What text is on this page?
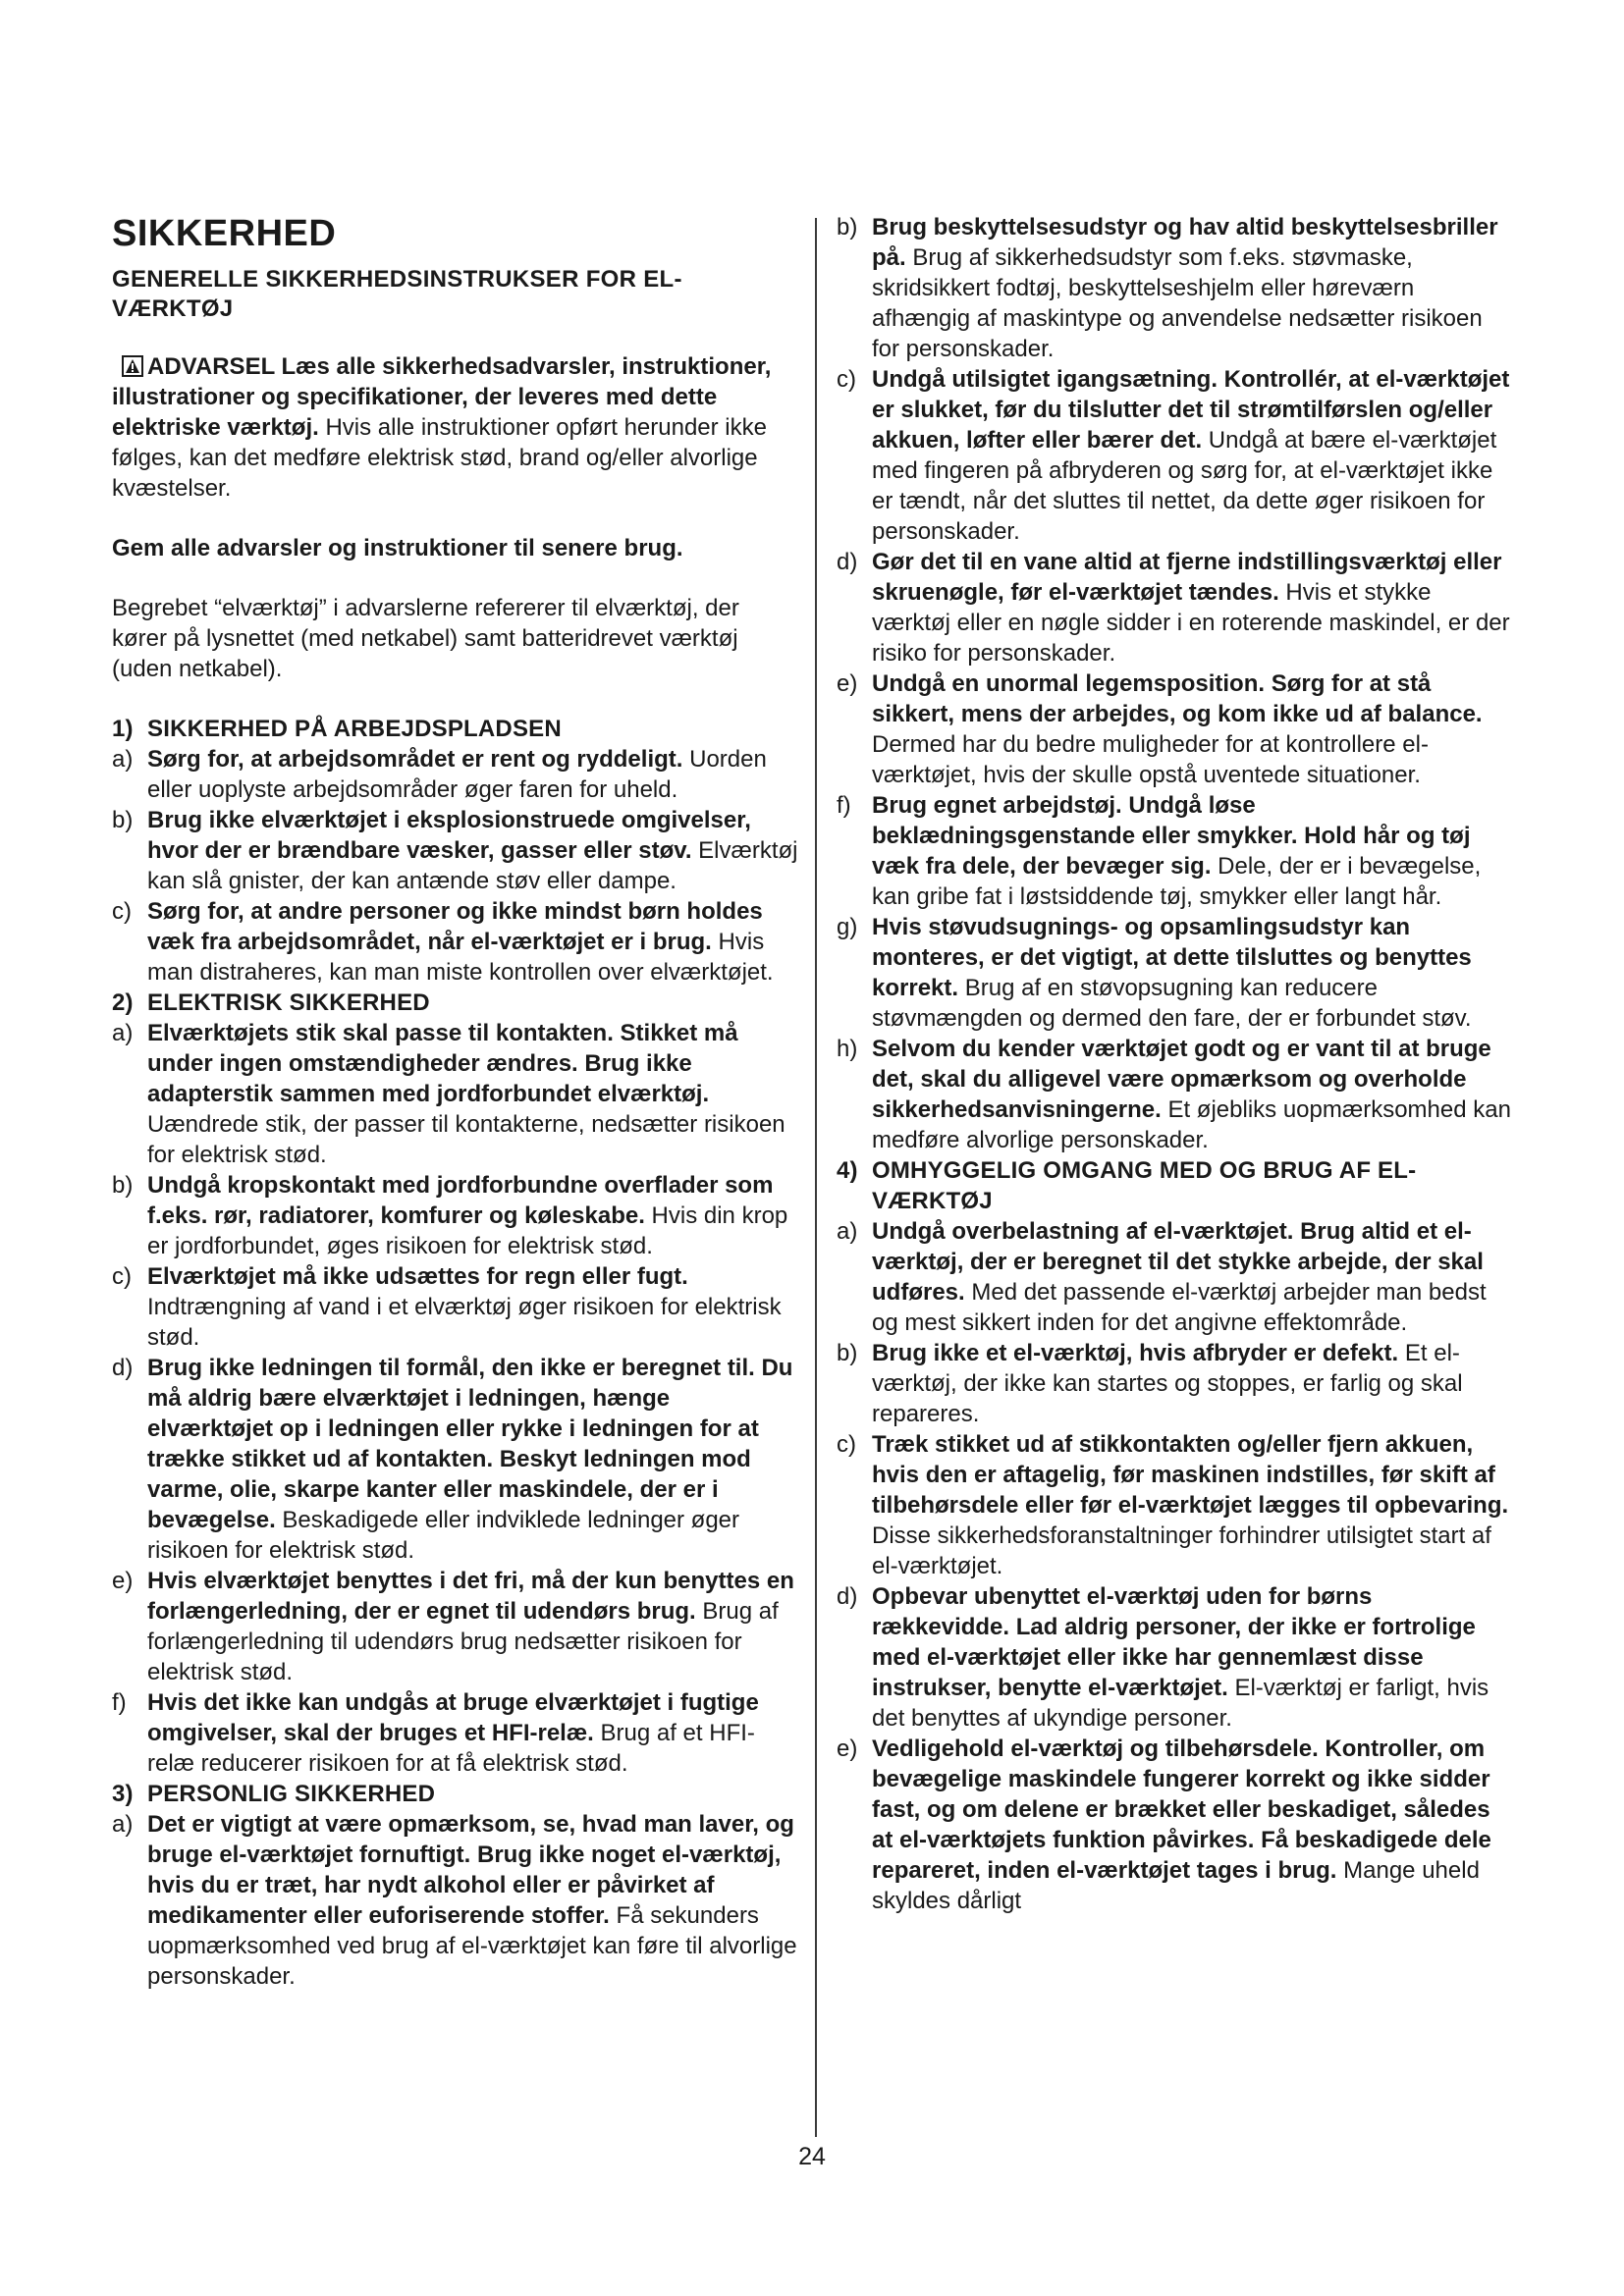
SIKKERHED
GENERELLE SIKKERHEDSINSTRUKSER FOR EL-VÆRKTØJ

ADVARSEL Læs alle sikkerhedsadvarsler, instruktioner, illustrationer og specifikationer, der leveres med dette elektriske værktøj. Hvis alle instruktioner opført herunder ikke følges, kan det medføre elektrisk stød, brand og/eller alvorlige kvæstelser.

Gem alle advarsler og instruktioner til senere brug.

Begrebet “elværktøj” i advarslerne refererer til elværktøj, der kører på lysnettet (med netkabel) samt batteridrevet værktøj (uden netkabel).

1) SIKKERHED PÅ ARBEJDSPLADSEN
a) Sørg for, at arbejdsområdet er rent og ryddeligt. Uorden eller uoplyste arbejdsområder øger faren for uheld.
b) Brug ikke elværktøjet i eksplosionstruede omgivelser, hvor der er brændbare væsker, gasser eller støv. Elværktøj kan slå gnister, der kan antænde støv eller dampe.
c) Sørg for, at andre personer og ikke mindst børn holdes væk fra arbejdsområdet, når el-værktøjet er i brug. Hvis man distraheres, kan man miste kontrollen over elværktøjet.
2) ELEKTRISK SIKKERHED
a) Elværktøjets stik skal passe til kontakten. Stikket må under ingen omstændigheder ændres. Brug ikke adapterstik sammen med jordforbundet elværktøj. Uændrede stik, der passer til kontakterne, nedsætter risikoen for elektrisk stød.
b) Undgå kropskontakt med jordforbundne overflader som f.eks. rør, radiatorer, komfurer og køleskabe. Hvis din krop er jordforbundet, øges risikoen for elektrisk stød.
c) Elværktøjet må ikke udsættes for regn eller fugt. Indtrængning af vand i et elværktøj øger risikoen for elektrisk stød.
d) Brug ikke ledningen til formål, den ikke er beregnet til. Du må aldrig bære elværktøjet i ledningen, hænge elværktøjet op i ledningen eller rykke i ledningen for at trække stikket ud af kontakten. Beskyt ledningen mod varme, olie, skarpe kanter eller maskindele, der er i bevægelse. Beskadigede eller indviklede ledninger øger risikoen for elektrisk stød.
e) Hvis elværktøjet benyttes i det fri, må der kun benyttes en forlængerledning, der er egnet til udendørs brug. Brug af forlængerledning til udendørs brug nedsætter risikoen for elektrisk stød.
f) Hvis det ikke kan undgås at bruge elværktøjet i fugtige omgivelser, skal der bruges et HFI-relæ. Brug af et HFI-relæ reducerer risikoen for at få elektrisk stød.
3) PERSONLIG SIKKERHED
a) Det er vigtigt at være opmærksom, se, hvad man laver, og bruge el-værktøjet fornuftigt. Brug ikke noget el-værktøj, hvis du er træt, har nydt alkohol eller er påvirket af medikamenter eller euforiserende stoffer. Få sekunders uopmærksomhed ved brug af el-værktøjet kan føre til alvorlige personskader.
b) Brug beskyttelsesudstyr og hav altid beskyttelsesbriller på. Brug af sikkerhedsudstyr som f.eks. støvmaske, skridsikkert fodtøj, beskyttelseshjelm eller høreværn afhængig af maskintype og anvendelse nedsætter risikoen for personskader.
c) Undgå utilsigtet igangsætning. Kontrollér, at el-værktøjet er slukket, før du tilslutter det til strømtilførslen og/eller akkuen, løfter eller bærer det. Undgå at bære el-værktøjet med fingeren på afbryderen og sørg for, at el-værktøjet ikke er tændt, når det sluttes til nettet, da dette øger risikoen for personskader.
d) Gør det til en vane altid at fjerne indstillingsværktøj eller skruenøgle, før el-værktøjet tændes. Hvis et stykke værktøj eller en nøgle sidder i en roterende maskindel, er der risiko for personskader.
e) Undgå en unormal legemsposition. Sørg for at stå sikkert, mens der arbejdes, og kom ikke ud af balance. Dermed har du bedre muligheder for at kontrollere el-værktøjet, hvis der skulle opstå uventede situationer.
f) Brug egnet arbejdstøj. Undgå løse beklædningsgenstande eller smykker. Hold hår og tøj væk fra dele, der bevæger sig. Dele, der er i bevægelse, kan gribe fat i løstsiddende tøj, smykker eller langt hår.
g) Hvis støvudsugnings- og opsamlingsudstyr kan monteres, er det vigtigt, at dette tilsluttes og benyttes korrekt. Brug af en støvopsugning kan reducere støvmængden og dermed den fare, der er forbundet støv.
h) Selvom du kender værktøjet godt og er vant til at bruge det, skal du alligevel være opmærksom og overholde sikkerhedsanvisningerne. Et øjebliks uopmærksomhed kan medføre alvorlige personskader.
4) OMHYGGELIG OMGANG MED OG BRUG AF EL-VÆRKTØJ
a) Undgå overbelastning af el-værktøjet. Brug altid et el-værktøj, der er beregnet til det stykke arbejde, der skal udføres. Med det passende el-værktøj arbejder man bedst og mest sikkert inden for det angivne effektområde.
b) Brug ikke et el-værktøj, hvis afbryder er defekt. Et el-værktøj, der ikke kan startes og stoppes, er farlig og skal repareres.
c) Træk stikket ud af stikkontakten og/eller fjern akkuen, hvis den er aftagelig, før maskinen indstilles, før skift af tilbehørsdele eller før el-værktøjet lægges til opbevaring. Disse sikkerhedsforanstaltninger forhindrer utilsigtet start af el-værktøjet.
d) Opbevar ubenyttet el-værktøj uden for børns rækkevidde. Lad aldrig personer, der ikke er fortrolige med el-værktøjet eller ikke har gennemlæst disse instrukser, benytte el-værktøjet. El-værktøj er farligt, hvis det benyttes af ukyndige personer.
e) Vedligehold el-værktøj og tilbehørsdele. Kontroller, om bevægelige maskindele fungerer korrekt og ikke sidder fast, og om delene er brækket eller beskadiget, således at el-værktøjets funktion påvirkes. Få beskadigede dele repareret, inden el-værktøjet tages i brug. Mange uheld skyldes dårligt
24
